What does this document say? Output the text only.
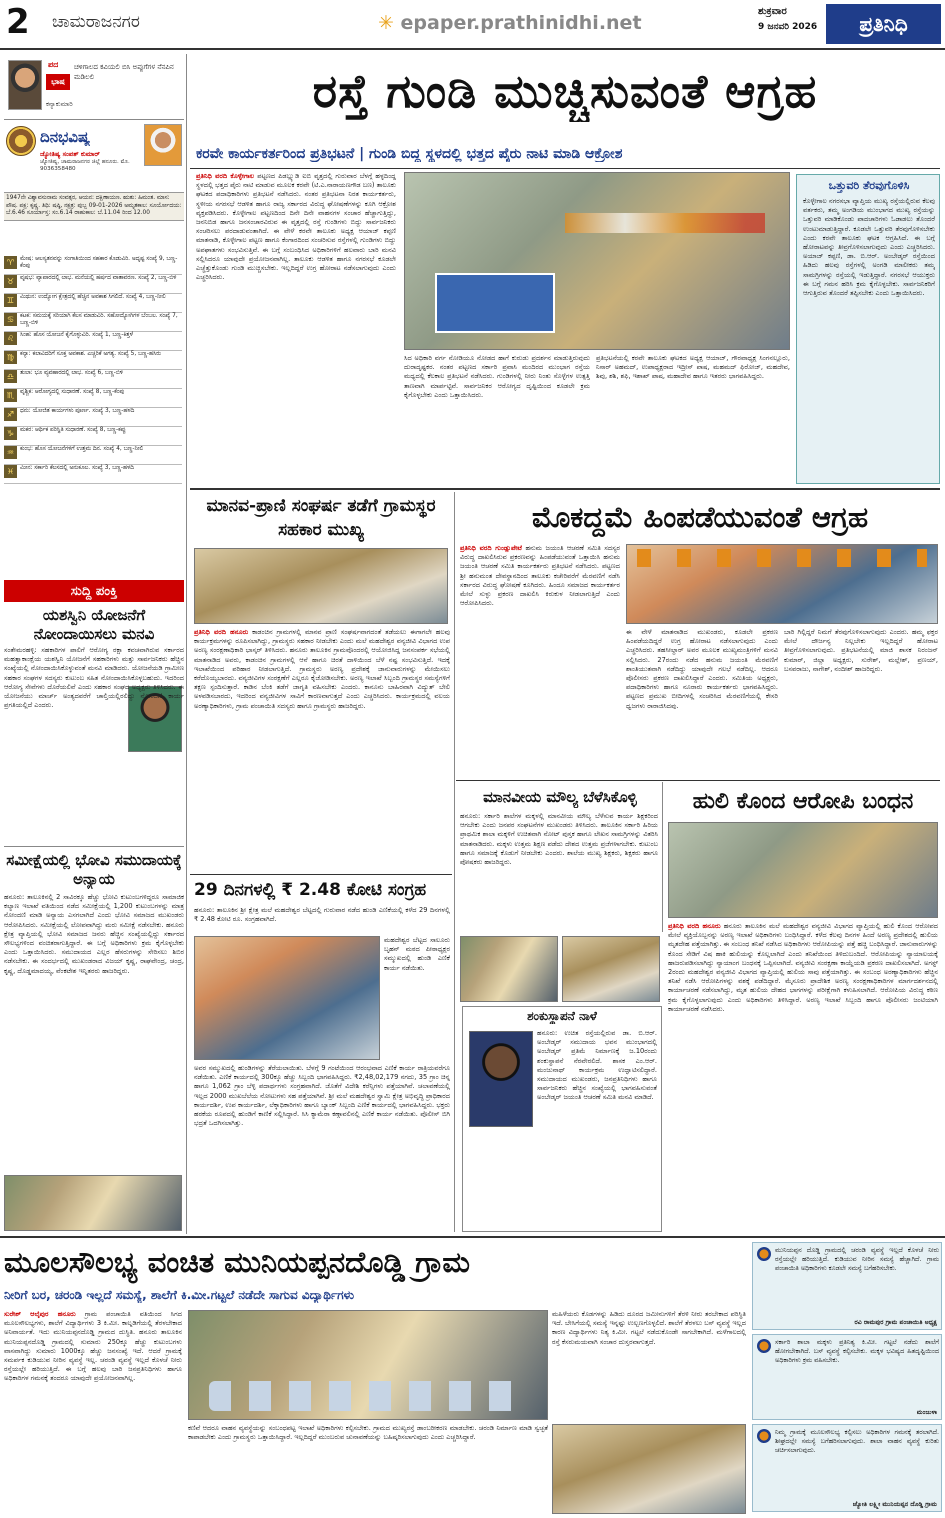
2 ಚಾಮರಾಜನಗರ	✳ epaper.prathinidhi.net
ಶುಕ್ರವಾರ
9 ಜನವರಿ 2026	ಪ್ರತಿನಿಧಿ
ಪದ
ಭಾಷ
ಚಳಿಗಾಲದ ಕವಿಯಲಿ ಬಿಸಿ ಅಪ್ಪುಗೆಗಳ ನೆನಪಿನ ಮಡಿಲಲಿ
ಕನ್ಯಾಕುಮಾರಿ
ದಿನಭವಿಷ್ಯ
ಜ್ಯೋತಿಷ್ಯ ಸಂಪತ್ ಕುಮಾರ್
ಜ್ಯೋತಿಷ್ಯ, ಚಾಮರಾಜನಗರ ಜಿಲ್ಲೆ ಹನೂರು. ಮೊ. 9036358480
1947ನೇ ವಿಶ್ವಾವಸುನಾಮ ಸಂವತ್ಸರ, ಆಯನ: ದಕ್ಷಿಣಾಯಣ. ಋತು: ಹಿಮಂತ. ಮಾಸ: ಪೌಷ. ಪಕ್ಷ: ಕೃಷ್ಣ. ತಿಥಿ: ಷಷ್ಠಿ, ನಕ್ಷತ್ರ: ಪುಬ್ಬ 09-01-2026 ಅಮೃತಕಾಲ: ಸೂರ್ಯೋದಯ: ಬೆ.6.46 ಸೂರ್ಯಾಸ್ತ: ಸಂ.6.14 ರಾಹುಕಾಲ: ಬೆ.11.04 ರಿಂದ 12.00
♈	ಮೇಷ: ಆಲಸ್ಯತನವನ್ನು ಸಂಗಾತಿಯಿಂದ ಸಹಕಾರ ಕೊಡುವಿರಿ. ಅದೃಷ್ಟ ಸಂಖ್ಯೆ 9, ಬಣ್ಣ-ಕೆಂಪು
♉	ವೃಷಭ: ವ್ಯಾಪಾರದಲ್ಲಿ ಲಾಭ. ಮನೆಯಲ್ಲಿ ಹರ್ಷದ ವಾತಾವರಣ. ಸಂಖ್ಯೆ 2, ಬಣ್ಣ-ಬಿಳಿ
♊	ಮಿಥುನ: ಉದ್ಯೋಗ ಕ್ಷೇತ್ರದಲ್ಲಿ ಹೆಚ್ಚಿನ ಅವಕಾಶ ಸಿಗಲಿದೆ. ಸಂಖ್ಯೆ 4, ಬಣ್ಣ-ನೀಲಿ
♋	ಕಟಕ: ಸಮಯಕ್ಕೆ ಸರಿಯಾಗಿ ಕೆಲಸ ಮಾಡುವಿರಿ. ಸಹೋದ್ಯೋಗಿಗಳ ಬೆಂಬಲ. ಸಂಖ್ಯೆ 7, ಬಣ್ಣ-ಬಿಳಿ
♌	ಸಿಂಹ: ಹೊಸ ಯೋಜನೆ ಕೈಗೊಳ್ಳುವಿರಿ. ಸಂಖ್ಯೆ 1, ಬಣ್ಣ-ಕಿತ್ತಳೆ
♍	ಕನ್ಯಾ: ಕಲಾವಿದರಿಗೆ ಸೂಕ್ತ ಅವಕಾಶ. ಎಚ್ಚರಿಕೆ ಅಗತ್ಯ. ಸಂಖ್ಯೆ 5, ಬಣ್ಣ-ಹಸಿರು
♎	ತುಲಾ: ಭೂ ವ್ಯವಹಾರದಲ್ಲಿ ಲಾಭ. ಸಂಖ್ಯೆ 6, ಬಣ್ಣ-ಬಿಳಿ
♏	ವೃಶ್ಚಿಕ: ಆರೋಗ್ಯದಲ್ಲಿ ಸುಧಾರಣೆ. ಸಂಖ್ಯೆ 8, ಬಣ್ಣ-ಕೆಂಪು
♐	ಧನು: ಯೋಜಿತ ಕಾರ್ಯಗಳು ಪೂರ್ಣ. ಸಂಖ್ಯೆ 3, ಬಣ್ಣ-ಹಳದಿ
♑	ಮಕರ: ಆರ್ಥಿಕ ಪರಿಸ್ಥಿತಿ ಸುಧಾರಣೆ. ಸಂಖ್ಯೆ 8, ಬಣ್ಣ-ಕಪ್ಪು
♒	ಕುಂಭ: ಹೊಸ ಯೋಜನೆಗಳಿಗೆ ಉತ್ತಮ ದಿನ. ಸಂಖ್ಯೆ 4, ಬಣ್ಣ-ನೀಲಿ
♓	ಮೀನ: ಸರ್ಕಾರಿ ಕೆಲಸದಲ್ಲಿ ಅನುಕೂಲ. ಸಂಖ್ಯೆ 3, ಬಣ್ಣ-ಹಳದಿ
ಸುದ್ದಿ ಪಂಕ್ತಿ
ಯಶಸ್ವಿನಿ ಯೋಜನೆಗೆ ನೋಂದಾಯಿಸಲು ಮನವಿ
ಸಂತೇಮರಹಳ್ಳಿ: ಸಹಕಾರಿಗಳ ಪಾಲಿಗೆ ಆರೋಗ್ಯ ರಕ್ಷಾ ಕವಚವಾಗಿರುವ ಸರ್ಕಾರದ ಮಹತ್ವಾಕಾಂಕ್ಷೆಯ ಯಶಸ್ವಿನಿ ಯೋಜನೆಗೆ ಸಹಕಾರಿಗಳು ಮತ್ತು ಸಾರ್ವಜನಿಕರು ಹೆಚ್ಚಿನ ಸಂಖ್ಯೆಯಲ್ಲಿ ನೋಂದಾಯಿಸಿಕೊಳ್ಳುವಂತೆ ಮನವಿ ಮಾಡಿದರು. ಯೋಜನೆಯಡಿ ಗ್ರಾಮೀಣ ಸಹಕಾರ ಸಂಘಗಳ ಸದಸ್ಯರು ಕುಟುಂಬ ಸಹಿತ ನೋಂದಾಯಿಸಿಕೊಳ್ಳಬಹುದು. ಇದರಿಂದ ಆರೋಗ್ಯ ಸೇವೆಗಳು ದೊರೆಯಲಿವೆ ಎಂದು ಸಹಕಾರ ಸಂಘದ ಅಧ್ಯಕ್ಷರು ತಿಳಿಸಿದರು. ಈ ಯೋಜನೆಯು ಮಾರ್ಚ್ ಅಂತ್ಯದವರೆಗೆ ಚಾಲ್ತಿಯಲ್ಲಿರಲಿದ್ದು ನೋಂದಣಿ ಕಾರ್ಯ ಪ್ರಗತಿಯಲ್ಲಿದೆ ಎಂದರು.
ಸಮೀಕ್ಷೆಯಲ್ಲಿ ಭೋವಿ ಸಮುದಾಯಕ್ಕೆ ಅನ್ಯಾಯ
ಹನೂರು: ತಾಲೂಕಿನಲ್ಲಿ 2 ಸಾವಿರಕ್ಕೂ ಹೆಚ್ಚು ಭೋವಿ ಕುಟುಂಬಗಳಿದ್ದರೂ ಸಾಮಾಜಿಕ ಕಲ್ಯಾಣ ಇಲಾಖೆ ವತಿಯಿಂದ ನಡೆದ ಸಮೀಕ್ಷೆಯಲ್ಲಿ 1,200 ಕುಟುಂಬಗಳನ್ನು ಮಾತ್ರ ನೋಂದಣಿ ಮಾಡಿ ಅನ್ಯಾಯ ಎಸಗಲಾಗಿದೆ ಎಂದು ಭೋವಿ ಸಮಾಜದ ಮುಖಂಡರು ಆರೋಪಿಸಿದರು. ಸಮೀಕ್ಷೆಯಲ್ಲಿ ಲೋಪವಾಗಿದ್ದು ಮರು ಸಮೀಕ್ಷೆ ನಡೆಸಬೇಕು. ಹನೂರು ಕ್ಷೇತ್ರ ವ್ಯಾಪ್ತಿಯಲ್ಲಿ ಭೋವಿ ಸಮಾಜದ ಜನರು ಹೆಚ್ಚಿನ ಸಂಖ್ಯೆಯಲ್ಲಿದ್ದು ಸರ್ಕಾರದ ಸೌಲಭ್ಯಗಳಿಂದ ವಂಚಿತರಾಗುತ್ತಿದ್ದಾರೆ. ಈ ಬಗ್ಗೆ ಅಧಿಕಾರಿಗಳು ಕ್ರಮ ಕೈಗೊಳ್ಳಬೇಕು ಎಂದು ಒತ್ತಾಯಿಸಿದರು. ಸಮುದಾಯದ ಎಲ್ಲರ ಹೆಸರುಗಳನ್ನು ಸೇರಿಸಲು ಶಿಬಿರ ನಡೆಸಬೇಕು. ಈ ಸಂದರ್ಭದಲ್ಲಿ ಮುಖಂಡರಾದ ವಿಜಯ್ ಕೃಷ್ಣ, ರಾಘವೇಂದ್ರ, ಚಂದ್ರ, ಕೃಷ್ಣ, ದೊಡ್ಡಮಾದಯ್ಯ, ವೆಂಕಟೇಶ ಇನ್ನಿತರರು ಹಾಜರಿದ್ದರು.
ರಸ್ತೆ ಗುಂಡಿ ಮುಚ್ಚಿಸುವಂತೆ ಆಗ್ರಹ
ಕರವೇ ಕಾರ್ಯಕರ್ತರಿಂದ ಪ್ರತಿಭಟನೆ | ಗುಂಡಿ ಬಿದ್ದ ಸ್ಥಳದಲ್ಲಿ ಭತ್ತದ ಪೈರು ನಾಟಿ ಮಾಡಿ ಆಕ್ರೋಶ
ಪ್ರತಿನಿಧಿ ವರದಿ ಕೊಳ್ಳೇಗಾಲ ಪಟ್ಟಣದ ಪಿಡಬ್ಲ್ಯುಡಿ ಐಬಿ ವೃತ್ತದಲ್ಲಿ ಗುರುವಾರ ಬೆಳಗ್ಗೆ ಹಳ್ಳದಿಂದ್ದ ಸ್ಥಳದಲ್ಲಿ ಭತ್ತದ ಪೈರು ನಾಟಿ ಮಾಡುವ ಮೂಲಕ ಕರವೇ (ಟಿ.ಎ.ನಾರಾಯಣಗೌಡ ಬಣ) ತಾಲೂಕು ಘಟಕದ ಪದಾಧಿಕಾರಿಗಳು ಪ್ರತಿಭಟನೆ ನಡೆಸಿದರು. ನಂತರ ಪ್ರತಿಭಟನಾ ನಿರತ ಕಾರ್ಯಕರ್ತರು, ಸ್ಥಳೀಯ ನಗರಸಭೆ ಆಡಳಿತ ಹಾಗೂ ರಾಜ್ಯ ಸರ್ಕಾರದ ವಿರುದ್ಧ ಘೋಷಣೆಗಳನ್ನು ಕೂಗಿ ಆಕ್ರೋಶ ವ್ಯಕ್ತಪಡಿಸಿದರು. ಕೊಳ್ಳೇಗಾಲ ಪಟ್ಟಣದಿಂದ ದಿನೇ ದಿನೇ ವಾಹನಗಳ ಸಂಚಾರ ಹೆಚ್ಚಾಗುತ್ತಿದ್ದು, ಜನನಿಬಿಡ ಹಾಗೂ ಜನಸಂಚಾರವಿರುವ ಈ ವೃತ್ತದಲ್ಲಿ ರಸ್ತೆ ಗುಂಡಿಗಳು ಬಿದ್ದು ಸಾರ್ವಜನಿಕರು ಸಂಚರಿಸಲು ಪರದಾಡುವಂತಾಗಿದೆ. ಈ ವೇಳೆ ಕರವೇ ತಾಲೂಕು ಅಧ್ಯಕ್ಷ ಆಯಾಜ್ ಕಪ್ಪಣಿ ಮಾತನಾಡಿ, ಕೊಳ್ಳೇಗಾಲ ಪಟ್ಟಣ ಹಾಗೂ ಕೆಂಗಾರದಿಂದ ಸಂಚರಿಸುವ ರಸ್ತೆಗಳಲ್ಲಿ ಗುಂಡಿಗಳು ಬಿದ್ದು ಅಪಘಾತಗಳು ಸಂಭವಿಸುತ್ತಿವೆ. ಈ ಬಗ್ಗೆ ಸಂಬಂಧಿಸಿದ ಅಧಿಕಾರಿಗಳಿಗೆ ಹಲವಾರು ಬಾರಿ ಮನವಿ ಸಲ್ಲಿಸಿದರೂ ಯಾವುದೇ ಪ್ರಯೋಜನವಾಗಿಲ್ಲ. ತಾಲೂಕು ಆಡಳಿತ ಹಾಗೂ ನಗರಸಭೆ ಕೂಡಲೇ ಎಚ್ಚೆತ್ತುಕೊಂಡು ಗುಂಡಿ ಮುಚ್ಚಿಸಬೇಕು. ಇಲ್ಲದಿದ್ದರೆ ಉಗ್ರ ಹೋರಾಟ ನಡೆಸಲಾಗುವುದು ಎಂದು ಎಚ್ಚರಿಸಿದರು.
ಸಿದ ಅಧಿಕಾರಿ ವರ್ಗ ನೋಡಿಯೂ ನೋಡದ ಹಾಗೆ ಕುರುಡು ಪ್ರದರ್ಶನ ಮಾಡುತ್ತಿರುವುದು ದುರಾದೃಷ್ಟಕರ. ನಂತರ ಪಟ್ಟಣದ ಸರ್ಕಾರಿ ಪ್ರವಾಸಿ ಮಂದಿರದ ಮುಂಭಾಗ ರಸ್ತೆಯ ಮಧ್ಯದಲ್ಲಿ ಕೆಲಕಾಲ ಪ್ರತಿಭಟನೆ ನಡೆಸಿದರು. ಗುಂಡಿಗಳಲ್ಲಿ ನೀರು ನಿಂತು ಸೊಳ್ಳೆಗಳ ಉತ್ಪತ್ತಿ ತಾಣವಾಗಿ ಮಾರ್ಪಟ್ಟಿವೆ. ಸಾರ್ವಜನಿಕರ ಆರೋಗ್ಯದ ದೃಷ್ಟಿಯಿಂದ ಕೂಡಲೇ ಕ್ರಮ ಕೈಗೊಳ್ಳಬೇಕು ಎಂದು ಒತ್ತಾಯಿಸಿದರು.
ಪ್ರತಿಭಟನೆಯಲ್ಲಿ ಕರವೇ ತಾಲೂಕು ಘಟಕದ ಅಧ್ಯಕ್ಷ ಆಯಾಜ್, ಗೌರವಾಧ್ಯಕ್ಷ ಸಿಂಗನಲ್ಲೂರು, ನಿಸಾರ್ ಅಹಮದ್, ಉಪಾಧ್ಯಕ್ಷರಾದ ಇದ್ರೀಸ್ ಪಾಷ, ಮಹಮದ್ ಫಿರೋಜ್, ಮಹದೇವ, ಶಿವು, ಶಶಿ, ಶಫಿ, ಇಶಾಖ್ ಪಾಷ, ಮಹಾದೇವ ಹಾಗೂ ಇತರರು ಭಾಗವಹಿಸಿದ್ದರು.
ಒತ್ತುವರಿ ತೆರವುಗೊಳಿಸಿ
ಕೊಳ್ಳೇಗಾಲ ನಗರಸಭಾ ವ್ಯಾಪ್ತಿಯ ಮುಖ್ಯ ರಸ್ತೆಯಲ್ಲಿರುವ ಕೆಲವು ವರ್ತಕರು, ತಮ್ಮ ಅಂಗಡಿಯ ಮುಂಭಾಗದ ಮುಖ್ಯ ರಸ್ತೆಯನ್ನು ಒತ್ತುವರಿ ಮಾಡಿಕೊಂಡು ಪಾದಚಾರಿಗಳು ಓಡಾಡಲು ತೊಂದರೆ ಉಂಟುಮಾಡುತ್ತಿದ್ದಾರೆ. ಕೂಡಲೇ ಒತ್ತುವರಿ ತೆರವುಗೊಳಿಸಬೇಕು ಎಂದು ಕರವೇ ತಾಲೂಕು ಘಟಕ ಆಗ್ರಹಿಸಿದೆ. ಈ ಬಗ್ಗೆ ಹೋರಾಟವನ್ನು ತೀವ್ರಗೊಳಿಸಲಾಗುವುದು ಎಂದು ಎಚ್ಚರಿಸಿದರು. ಅಯಾಜ್ ಕಪ್ಪಣಿ, ಡಾ. ಬಿ.ಆರ್. ಅಂಬೇಡ್ಕರ್ ರಸ್ತೆಯಿಂದ ಹಿಡಿದು ಹಲವು ರಸ್ತೆಗಳಲ್ಲಿ ಅಂಗಡಿ ಮಾಲೀಕರು ತಮ್ಮ ಸಾಮಗ್ರಿಗಳನ್ನು ರಸ್ತೆಯಲ್ಲಿ ಇಡುತ್ತಿದ್ದಾರೆ. ನಗರಸಭೆ ಆಯುಕ್ತರು ಈ ಬಗ್ಗೆ ಗಮನ ಹರಿಸಿ ಕ್ರಮ ಕೈಗೊಳ್ಳಬೇಕು. ಸಾರ್ವಜನಿಕರಿಗೆ ಆಗುತ್ತಿರುವ ತೊಂದರೆ ತಪ್ಪಿಸಬೇಕು ಎಂದು ಒತ್ತಾಯಿಸಿದರು.
ಮಾನವ-ಪ್ರಾಣಿ ಸಂಘರ್ಷ ತಡೆಗೆ ಗ್ರಾಮಸ್ಥರ ಸಹಕಾರ ಮುಖ್ಯ
ಪ್ರತಿನಿಧಿ ವರದಿ ಹನೂರು ಕಾಡಂಚಿನ ಗ್ರಾಮಗಳಲ್ಲಿ ಮಾನವ ಪ್ರಾಣಿ ಸಂಘರ್ಷವಾಗದಂತೆ ತಡೆಯಲು ಈಗಾಗಲೇ ಹಲವು ಕಾರ್ಯಕ್ರಮಗಳನ್ನು ರೂಪಿಸಲಾಗಿದ್ದು, ಗ್ರಾಮಸ್ಥರು ಸಹಕಾರ ನೀಡಬೇಕು ಎಂದು ಮಲೆ ಮಹದೇಶ್ವರ ವನ್ಯಜೀವಿ ವಿಭಾಗದ ಉಪ ಅರಣ್ಯ ಸಂರಕ್ಷಣಾಧಿಕಾರಿ ಭಾಸ್ಕರ್ ತಿಳಿಸಿದರು. ಹನೂರು ತಾಲೂಕಿನ ಗ್ರಾಮವೊಂದರಲ್ಲಿ ಆಯೋಜಿಸಿದ್ದ ಜನಸಂಪರ್ಕ ಸಭೆಯಲ್ಲಿ ಮಾತನಾಡಿದ ಅವರು, ಕಾಡಂಚಿನ ಗ್ರಾಮಗಳಲ್ಲಿ ಆನೆ ಹಾಗೂ ಚಿರತೆ ದಾಳಿಯಿಂದ ಬೆಳೆ ನಷ್ಟ ಸಂಭವಿಸುತ್ತಿದೆ. ಇದಕ್ಕೆ ಇಲಾಖೆಯಿಂದ ಪರಿಹಾರ ನೀಡಲಾಗುತ್ತಿದೆ. ಗ್ರಾಮಸ್ಥರು ಅರಣ್ಯ ಪ್ರದೇಶಕ್ಕೆ ಜಾನುವಾರುಗಳನ್ನು ಮೇಯಿಸಲು ಕರೆದೊಯ್ಯಬಾರದು. ವನ್ಯಜೀವಿಗಳ ಸಂರಕ್ಷಣೆಗೆ ಎಲ್ಲರೂ ಕೈಜೋಡಿಸಬೇಕು. ಅರಣ್ಯ ಇಲಾಖೆ ಸಿಬ್ಬಂದಿ ಗ್ರಾಮಸ್ಥರ ಸಮಸ್ಯೆಗಳಿಗೆ ತಕ್ಷಣ ಸ್ಪಂದಿಸುತ್ತಾರೆ. ಕಾಡಿನ ಬೆಂಕಿ ತಡೆಗೆ ಜಾಗೃತಿ ವಹಿಸಬೇಕು ಎಂದರು. ಕಾನೂನು ಬಾಹಿರವಾಗಿ ವಿದ್ಯುತ್ ಬೇಲಿ ಅಳವಡಿಸಬಾರದು, ಇದರಿಂದ ವನ್ಯಜೀವಿಗಳ ಸಾವಿಗೆ ಕಾರಣವಾಗುತ್ತದೆ ಎಂದು ಎಚ್ಚರಿಸಿದರು. ಕಾರ್ಯಕ್ರಮದಲ್ಲಿ ವಲಯ ಅರಣ್ಯಾಧಿಕಾರಿಗಳು, ಗ್ರಾಮ ಪಂಚಾಯಿತಿ ಸದಸ್ಯರು ಹಾಗೂ ಗ್ರಾಮಸ್ಥರು ಹಾಜರಿದ್ದರು.
29 ದಿನಗಳಲ್ಲಿ ₹ 2.48 ಕೋಟಿ ಸಂಗ್ರಹ
ಹನೂರು: ತಾಲೂಕಿನ ಶ್ರೀ ಕ್ಷೇತ್ರ ಮಲೆ ಮಹದೇಶ್ವರ ಬೆಟ್ಟದಲ್ಲಿ ಗುರುವಾರ ನಡೆದ ಹುಂಡಿ ಎಣಿಕೆಯಲ್ಲಿ ಕಳೆದ 29 ದಿನಗಳಲ್ಲಿ ₹ 2.48 ಕೋಟಿ ರೂ. ಸಂಗ್ರಹವಾಗಿದೆ.
ಮಹದೇಶ್ವರ ಬೆಟ್ಟದ ಸಾಲೂರು ಬೃಹನ್ ಮಠದ ಪೀಠಾಧ್ಯಕ್ಷರ ಸಮ್ಮುಖದಲ್ಲಿ ಹುಂಡಿ ಎಣಿಕೆ ಕಾರ್ಯ ನಡೆಯಿತು.
ಅವರ ಸಮ್ಮುಖದಲ್ಲಿ ಹುಂಡಿಗಳನ್ನು ತೆರೆಯಲಾಯಿತು. ಬೆಳಗ್ಗೆ 9 ಗಂಟೆಯಿಂದ ಆರಂಭವಾದ ಎಣಿಕೆ ಕಾರ್ಯ ರಾತ್ರಿಯವರೆಗೂ ನಡೆಯಿತು. ಎಣಿಕೆ ಕಾರ್ಯದಲ್ಲಿ 300ಕ್ಕೂ ಹೆಚ್ಚು ಸಿಬ್ಬಂದಿ ಭಾಗವಹಿಸಿದ್ದರು. ₹2,48,02,179 ನಗದು, 35 ಗ್ರಾಂ ಚಿನ್ನ ಹಾಗೂ 1,062 ಗ್ರಾಂ ಬೆಳ್ಳಿ ಪದಾರ್ಥಗಳು ಸಂಗ್ರಹವಾಗಿದೆ. ಜೊತೆಗೆ ವಿದೇಶಿ ಕರೆನ್ಸಿಗಳು ಪತ್ತೆಯಾಗಿವೆ. ಚಲಾವಣೆಯಲ್ಲಿ ಇಲ್ಲದ 2000 ಮುಖಬೆಲೆಯ ನೋಟುಗಳು ಸಹ ಪತ್ತೆಯಾಗಿವೆ. ಶ್ರೀ ಮಲೆ ಮಹದೇಶ್ವರ ಸ್ವಾಮಿ ಕ್ಷೇತ್ರ ಅಭಿವೃದ್ಧಿ ಪ್ರಾಧಿಕಾರದ ಕಾರ್ಯದರ್ಶಿ, ಉಪ ಕಾರ್ಯದರ್ಶಿ, ಲೆಕ್ಕಾಧಿಕಾರಿಗಳು ಹಾಗೂ ಬ್ಯಾಂಕ್ ಸಿಬ್ಬಂದಿ ಎಣಿಕೆ ಕಾರ್ಯದಲ್ಲಿ ಭಾಗವಹಿಸಿದ್ದರು. ಭಕ್ತರು ಹರಕೆಯ ರೂಪದಲ್ಲಿ ಹುಂಡಿಗೆ ಕಾಣಿಕೆ ಸಲ್ಲಿಸಿದ್ದಾರೆ. ಸಿಸಿ ಕ್ಯಾಮೆರಾ ಕಣ್ಗಾವಲಿನಲ್ಲಿ ಎಣಿಕೆ ಕಾರ್ಯ ನಡೆಯಿತು. ಪೊಲೀಸ್ ಬಿಗಿ ಭದ್ರತೆ ಒದಗಿಸಲಾಗಿತ್ತು.
ಮೊಕದ್ದಮೆ ಹಿಂಪಡೆಯುವಂತೆ ಆಗ್ರಹ
ಪ್ರತಿನಿಧಿ ವರದಿ ಗುಂಡ್ಲುಪೇಟೆ ಹನುಮ ಜಯಂತಿ ಆಚರಣೆ ಸಮಿತಿ ಸದಸ್ಯರ ವಿರುದ್ಧ ದಾಖಲಿಸಿರುವ ಪ್ರಕರಣವನ್ನು ಹಿಂಪಡೆಯುವಂತೆ ಒತ್ತಾಯಿಸಿ ಹನುಮ ಜಯಂತಿ ಆಚರಣೆ ಸಮಿತಿ ಕಾರ್ಯಕರ್ತರು ಪ್ರತಿಭಟನೆ ನಡೆಸಿದರು. ಪಟ್ಟಣದ ಶ್ರೀ ಹನುಮಂತ ದೇವಸ್ಥಾನದಿಂದ ತಾಲೂಕು ಕಚೇರಿವರೆಗೆ ಮೆರವಣಿಗೆ ನಡೆಸಿ ಸರ್ಕಾರದ ವಿರುದ್ಧ ಘೋಷಣೆ ಕೂಗಿದರು. ಹಿಂದೂ ಸಮಾಜದ ಕಾರ್ಯಕರ್ತರ ಮೇಲೆ ಸುಳ್ಳು ಪ್ರಕರಣ ದಾಖಲಿಸಿ ಕಿರುಕುಳ ನೀಡಲಾಗುತ್ತಿದೆ ಎಂದು ಆರೋಪಿಸಿದರು.
ಈ ವೇಳೆ ಮಾತನಾಡಿದ ಮುಖಂಡರು, ಕೂಡಲೇ ಪ್ರಕರಣ ಹಿಂಪಡೆಯದಿದ್ದರೆ ಉಗ್ರ ಹೋರಾಟ ನಡೆಸಲಾಗುವುದು ಎಂದು ಎಚ್ಚರಿಸಿದರು. ತಹಸೀಲ್ದಾರ್ ಅವರ ಮೂಲಕ ಮುಖ್ಯಮಂತ್ರಿಗಳಿಗೆ ಮನವಿ ಸಲ್ಲಿಸಿದರು. 27ರಂದು ನಡೆದ ಹನುಮ ಜಯಂತಿ ಮೆರವಣಿಗೆ ಶಾಂತಿಯುತವಾಗಿ ನಡೆದಿದ್ದು ಯಾವುದೇ ಗಲಭೆ ನಡೆದಿಲ್ಲ. ಆದರೂ ಪೊಲೀಸರು ಪ್ರಕರಣ ದಾಖಲಿಸಿದ್ದಾರೆ ಎಂದರು. ಸಮಿತಿಯ ಅಧ್ಯಕ್ಷರು, ಪದಾಧಿಕಾರಿಗಳು ಹಾಗೂ ನೂರಾರು ಕಾರ್ಯಕರ್ತರು ಭಾಗವಹಿಸಿದ್ದರು. ಪಟ್ಟಣದ ಪ್ರಮುಖ ಬೀದಿಗಳಲ್ಲಿ ಸಂಚರಿಸಿದ ಮೆರವಣಿಗೆಯಲ್ಲಿ ಕೇಸರಿ ಧ್ವಜಗಳು ರಾರಾಜಿಸಿದವು.
ಬಾರಿ ಗಿಲ್ಲಿದ್ದರೆ ನಿಮಗೆ ತೆರವುಗೊಳಿಸಲಾಗುವುದು ಎಂದರು. ಹಮ್ಮ ಫಕ್ತರ ಮೇಲೆ ದೌರ್ಜನ್ಯ ನಿಲ್ಲಬೇಕು ಇಲ್ಲದಿದ್ದರೆ ಹೋರಾಟ ತೀವ್ರಗೊಳಿಸಲಾಗುವುದು. ಪ್ರತಿಭಟನೆಯಲ್ಲಿ ಮಾಜಿ ಶಾಸಕ ನಿರಂಜನ್ ಕುಮಾರ್, ಜಿಲ್ಲಾ ಅಧ್ಯಕ್ಷರು, ಸುರೇಶ್, ಮಲ್ಲೇಶ್, ಪ್ರಣಯ್, ಬಸವರಾಜು, ನಾಗೇಶ್, ನಂದೀಶ್ ಹಾಜರಿದ್ದರು.
ಮಾನವೀಯ ಮೌಲ್ಯ ಬೆಳೆಸಿಕೊಳ್ಳಿ
ಹನೂರು: ಸರ್ಕಾರಿ ಶಾಲೆಗಳ ಮಕ್ಕಳಲ್ಲಿ ಮಾನವೀಯ ಮೌಲ್ಯ ಬೆಳೆಸುವ ಕಾರ್ಯ ಶಿಕ್ಷಕರಿಂದ ಆಗಬೇಕು ಎಂದು ಜನಪರ ಸಂಘಟನೆಗಳ ಮುಖಂಡರು ತಿಳಿಸಿದರು. ತಾಲೂಕಿನ ಸರ್ಕಾರಿ ಹಿರಿಯ ಪ್ರಾಥಮಿಕ ಶಾಲಾ ಮಕ್ಕಳಿಗೆ ಉಚಿತವಾಗಿ ನೋಟ್ ಪುಸ್ತಕ ಹಾಗೂ ಲೇಖನ ಸಾಮಗ್ರಿಗಳನ್ನು ವಿತರಿಸಿ ಮಾತನಾಡಿದರು. ಮಕ್ಕಳು ಉತ್ತಮ ಶಿಕ್ಷಣ ಪಡೆದು ದೇಶದ ಉತ್ತಮ ಪ್ರಜೆಗಳಾಗಬೇಕು. ಕುಟುಂಬ ಹಾಗೂ ಸಮಾಜಕ್ಕೆ ಕೊಡುಗೆ ನೀಡಬೇಕು ಎಂದರು. ಶಾಲೆಯ ಮುಖ್ಯ ಶಿಕ್ಷಕರು, ಶಿಕ್ಷಕರು ಹಾಗೂ ಪೋಷಕರು ಹಾಜರಿದ್ದರು.
ಹುಲಿ ಕೊಂದ ಆರೋಪಿ ಬಂಧನ
ಪ್ರತಿನಿಧಿ ವರದಿ ಹನೂರು ಹನೂರು ತಾಲೂಕಿನ ಮಲೆ ಮಹದೇಶ್ವರ ವನ್ಯಜೀವಿ ವಿಭಾಗದ ವ್ಯಾಪ್ತಿಯಲ್ಲಿ ಹುಲಿ ಕೊಂದ ಆರೋಪದ ಮೇಲೆ ವ್ಯಕ್ತಿಯೊಬ್ಬನನ್ನು ಅರಣ್ಯ ಇಲಾಖೆ ಅಧಿಕಾರಿಗಳು ಬಂಧಿಸಿದ್ದಾರೆ. ಕಳೆದ ಕೆಲವು ದಿನಗಳ ಹಿಂದೆ ಅರಣ್ಯ ಪ್ರದೇಶದಲ್ಲಿ ಹುಲಿಯ ಮೃತದೇಹ ಪತ್ತೆಯಾಗಿತ್ತು. ಈ ಸಂಬಂಧ ತನಿಖೆ ನಡೆಸಿದ ಅಧಿಕಾರಿಗಳು ಆರೋಪಿಯನ್ನು ಪತ್ತೆ ಹಚ್ಚಿ ಬಂಧಿಸಿದ್ದಾರೆ. ಜಾನುವಾರುಗಳನ್ನು ಕೊಂದ ಸೇಡಿಗೆ ವಿಷ ಹಾಕಿ ಹುಲಿಯನ್ನು ಕೊಲ್ಲಲಾಗಿದೆ ಎಂದು ತನಿಖೆಯಿಂದ ತಿಳಿದುಬಂದಿದೆ. ಆರೋಪಿಯನ್ನು ನ್ಯಾಯಾಲಯಕ್ಕೆ ಹಾಜರುಪಡಿಸಲಾಗಿದ್ದು ನ್ಯಾಯಾಂಗ ಬಂಧನಕ್ಕೆ ಒಪ್ಪಿಸಲಾಗಿದೆ. ವನ್ಯಜೀವಿ ಸಂರಕ್ಷಣಾ ಕಾಯ್ದೆಯಡಿ ಪ್ರಕರಣ ದಾಖಲಿಸಲಾಗಿದೆ. ಅಗಸ್ಟ್ 2ರಂದು ಮಹದೇಶ್ವರ ವನ್ಯಜೀವಿ ವಿಭಾಗದ ವ್ಯಾಪ್ತಿಯಲ್ಲಿ ಹುಲಿಯ ಸಾವು ಪತ್ತೆಯಾಗಿತ್ತು. ಈ ಸಂಬಂಧ ಅರಣ್ಯಾಧಿಕಾರಿಗಳು ಹೆಚ್ಚಿನ ತನಿಖೆ ನಡೆಸಿ ಆರೋಪಿಗಳನ್ನು ವಶಕ್ಕೆ ಪಡೆದಿದ್ದಾರೆ. ಮೈಸೂರು ಪ್ರಾದೇಶಿಕ ಅರಣ್ಯ ಸಂರಕ್ಷಣಾಧಿಕಾರಿಗಳ ಮಾರ್ಗದರ್ಶನದಲ್ಲಿ ಕಾರ್ಯಾಚರಣೆ ನಡೆಸಲಾಗಿದ್ದು, ಮೃತ ಹುಲಿಯ ದೇಹದ ಭಾಗಗಳನ್ನು ಪರೀಕ್ಷೆಗಾಗಿ ಕಳುಹಿಸಲಾಗಿದೆ. ಆರೋಪಿಯ ವಿರುದ್ಧ ಕಠಿಣ ಕ್ರಮ ಕೈಗೊಳ್ಳಲಾಗುವುದು ಎಂದು ಅಧಿಕಾರಿಗಳು ತಿಳಿಸಿದ್ದಾರೆ. ಅರಣ್ಯ ಇಲಾಖೆ ಸಿಬ್ಬಂದಿ ಹಾಗೂ ಪೊಲೀಸರು ಜಂಟಿಯಾಗಿ ಕಾರ್ಯಾಚರಣೆ ನಡೆಸಿದರು.
ಶಂಕುಸ್ಥಾಪನೆ ನಾಳೆ
ಹನೂರು: ಉಚಿತ ರಸ್ತೆಯಲ್ಲಿರುವ ಡಾ. ಬಿ.ಆರ್. ಅಂಬೇಡ್ಕರ್ ಸಮುದಾಯ ಭವನ ಮುಂಭಾಗದಲ್ಲಿ ಅಂಬೇಡ್ಕರ್ ಪ್ರತಿಮೆ ನಿರ್ಮಾಣಕ್ಕೆ ಜ.10ರಂದು ಶಂಕುಸ್ಥಾಪನೆ ನೆರವೇರಲಿದೆ. ಶಾಸಕ ಎಂ.ಆರ್. ಮಂಜುನಾಥ್ ಕಾರ್ಯಕ್ರಮ ಉದ್ಘಾಟಿಸಲಿದ್ದಾರೆ. ಸಮುದಾಯದ ಮುಖಂಡರು, ಜನಪ್ರತಿನಿಧಿಗಳು ಹಾಗೂ ಸಾರ್ವಜನಿಕರು ಹೆಚ್ಚಿನ ಸಂಖ್ಯೆಯಲ್ಲಿ ಭಾಗವಹಿಸುವಂತೆ ಅಂಬೇಡ್ಕರ್ ಜಯಂತಿ ಆಚರಣೆ ಸಮಿತಿ ಮನವಿ ಮಾಡಿದೆ.
ಮೂಲಸೌಲಭ್ಯ ವಂಚಿತ ಮುನಿಯಪ್ಪನದೊಡ್ಡಿ ಗ್ರಾಮ
ನೀರಿಗೆ ಬರ, ಚರಂಡಿ ಇಲ್ಲದೆ ಸಮಸ್ಯೆ, ಶಾಲೆಗೆ ಕಿ.ಮೀ.ಗಟ್ಟಲೆ ನಡೆದೇ ಸಾಗುವ ವಿದ್ಯಾರ್ಥಿಗಳು
ಸುರೇಶ್ ಆಲ್ಕೆಪುರ ಹನೂರು ಗ್ರಾಮ ಪಂಚಾಯಿತಿ ವತಿಯಿಂದ ಸಿಗದ ಮೂಲಸೌಲಭ್ಯಗಳು, ಶಾಲೆಗೆ ವಿದ್ಯಾರ್ಥಿಗಳು 3 ಕಿ.ಮೀ. ಕಾಲ್ನಡಿಗೆಯಲ್ಲಿ ತೆರಳಬೇಕಾದ ಅನಿವಾರ್ಯತೆ. ಇದು ಮುನಿಯಪ್ಪನದೊಡ್ಡಿ ಗ್ರಾಮದ ದುಸ್ಥಿತಿ. ಹನೂರು ತಾಲೂಕಿನ ಮುನಿಯಪ್ಪನದೊಡ್ಡಿ ಗ್ರಾಮದಲ್ಲಿ ಸುಮಾರು 250ಕ್ಕೂ ಹೆಚ್ಚು ಕುಟುಂಬಗಳು ವಾಸವಾಗಿದ್ದು ಸುಮಾರು 1000ಕ್ಕೂ ಹೆಚ್ಚು ಜನಸಂಖ್ಯೆ ಇದೆ. ಆದರೆ ಗ್ರಾಮಕ್ಕೆ ಸಮರ್ಪಕ ಕುಡಿಯುವ ನೀರಿನ ವ್ಯವಸ್ಥೆ ಇಲ್ಲ. ಚರಂಡಿ ವ್ಯವಸ್ಥೆ ಇಲ್ಲದೆ ಕೊಳಚೆ ನೀರು ರಸ್ತೆಯಲ್ಲೇ ಹರಿಯುತ್ತಿದೆ. ಈ ಬಗ್ಗೆ ಹಲವು ಬಾರಿ ಜನಪ್ರತಿನಿಧಿಗಳು ಹಾಗೂ ಅಧಿಕಾರಿಗಳ ಗಮನಕ್ಕೆ ತಂದರೂ ಯಾವುದೇ ಪ್ರಯೋಜನವಾಗಿಲ್ಲ.
ಮಹಿಳೆಯರು ಕೊಡಗಳನ್ನು ಹಿಡಿದು ದೂರದ ಜಮೀನುಗಳಿಗೆ ತೆರಳಿ ನೀರು ತರಬೇಕಾದ ಪರಿಸ್ಥಿತಿ ಇದೆ. ಬೇಸಿಗೆಯಲ್ಲಿ ಸಮಸ್ಯೆ ಇನ್ನಷ್ಟು ಉಲ್ಬಣಗೊಳ್ಳಲಿದೆ. ಶಾಲೆಗೆ ತೆರಳಲು ಬಸ್ ವ್ಯವಸ್ಥೆ ಇಲ್ಲದ ಕಾರಣ ವಿದ್ಯಾರ್ಥಿಗಳು ನಿತ್ಯ ಕಿ.ಮೀ. ಗಟ್ಟಲೆ ನಡೆದುಕೊಂಡೇ ಸಾಗಬೇಕಾಗಿದೆ. ಮಳೆಗಾಲದಲ್ಲಿ ರಸ್ತೆ ಕೆಸರುಮಯವಾಗಿ ಸಂಚಾರ ದುಸ್ತರವಾಗುತ್ತದೆ.
ಕಣಿವೆ ಆದರೂ ವಾಹನ ವ್ಯವಸ್ಥೆಯನ್ನು ಸಂಬಂಧಪಟ್ಟ ಇಲಾಖೆ ಅಧಿಕಾರಿಗಳು ಕಲ್ಪಿಸಬೇಕು. ಗ್ರಾಮದ ಮುಖ್ಯರಸ್ತೆ ಡಾಂಬರೀಕರಣ ಮಾಡಬೇಕು. ಚರಂಡಿ ನಿರ್ಮಾಣ ಮಾಡಿ ಸ್ವಚ್ಛತೆ ಕಾಪಾಡಬೇಕು ಎಂದು ಗ್ರಾಮಸ್ಥರು ಒತ್ತಾಯಿಸಿದ್ದಾರೆ. ಇಲ್ಲದಿದ್ದರೆ ಮುಂಬರುವ ಚುನಾವಣೆಯನ್ನು ಬಹಿಷ್ಕರಿಸಲಾಗುವುದು ಎಂದು ಎಚ್ಚರಿಸಿದ್ದಾರೆ.
ಮುನಿಯಪ್ಪನ ದೊಡ್ಡಿ ಗ್ರಾಮದಲ್ಲಿ ಚರಂಡಿ ವ್ಯವಸ್ಥೆ ಇಲ್ಲದೆ ಕೊಳಚೆ ನೀರು ರಸ್ತೆಯಲ್ಲೇ ಹರಿಯುತ್ತಿದೆ. ಕುಡಿಯುವ ನೀರಿನ ಸಮಸ್ಯೆ ಹೆಚ್ಚಾಗಿದೆ. ಗ್ರಾಮ ಪಂಚಾಯಿತಿ ಅಧಿಕಾರಿಗಳು ಕೂಡಲೇ ಸಮಸ್ಯೆ ಬಗೆಹರಿಸಬೇಕು.
ರವಿ ರಾಮಪುರ ಗ್ರಾಮ ಪಂಚಾಯಿತಿ ಅಧ್ಯಕ್ಷ
ಸರ್ಕಾರಿ ಶಾಲಾ ಮಕ್ಕಳು ಪ್ರತಿನಿತ್ಯ ಕಿ.ಮೀ. ಗಟ್ಟಲೆ ನಡೆದು ಶಾಲೆಗೆ ಹೋಗಬೇಕಾಗಿದೆ. ಬಸ್ ವ್ಯವಸ್ಥೆ ಕಲ್ಪಿಸಬೇಕು. ಮಕ್ಕಳ ಭವಿಷ್ಯದ ಹಿತದೃಷ್ಟಿಯಿಂದ ಅಧಿಕಾರಿಗಳು ಕ್ರಮ ವಹಿಸಬೇಕು.
ಮಂಜುಳಾ
ನಿಮ್ಮ ಗ್ರಾಮಕ್ಕೆ ಮೂಲಸೌಲಭ್ಯ ಕಲ್ಪಿಸಲು ಅಧಿಕಾರಿಗಳ ಗಮನಕ್ಕೆ ತರಲಾಗಿದೆ. ಶೀಘ್ರದಲ್ಲೇ ಸಮಸ್ಯೆ ಬಗೆಹರಿಸಲಾಗುವುದು. ಶಾಲಾ ವಾಹನ ವ್ಯವಸ್ಥೆ ಕುರಿತು ಚರ್ಚಿಸಲಾಗುವುದು.
ಜ್ಯೋತಿ ಲಕ್ಷ್ಮೀ ಮುನಿಯಪ್ಪನ ದೊಡ್ಡಿ ಗ್ರಾಮ
